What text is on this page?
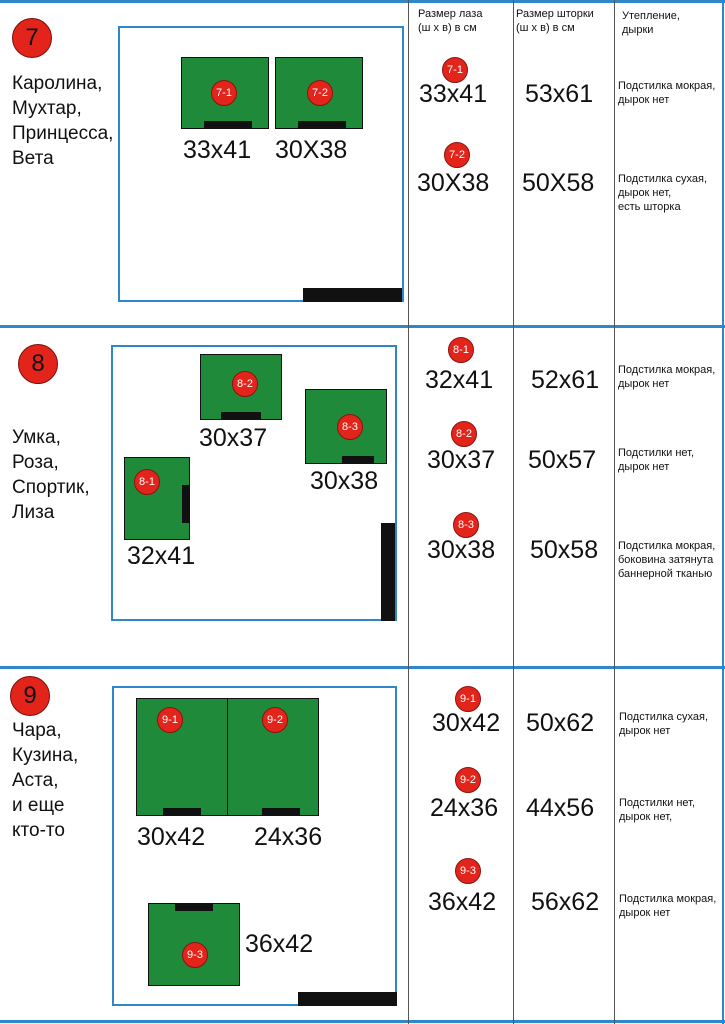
Размер лаза
(ш х в) в см
Размер шторки
(ш х в) в см
Утепление,
дырки
7
Каролина,
Мухтар,
Принцесса,
Вета
7-1	7-2
33x41 30X38
7-1
33x41 53x61 Подстилка мокрая,
дырок нет
7-2
30X38 50X58 Подстилка сухая,
дырок нет,
есть шторка
8
Умка,
Роза,
Спортик,
Лиза
8-2
30x37	8-3
30x38
8-1
32x41
8-1
32x41 52x61 Подстилка мокрая,
дырок нет
8-2
30x37 50x57 Подстилки нет,
дырок нет
8-3
30x38 50x58 Подстилка мокрая,
боковина затянута
баннерной тканью
9
Чара,
Кузина,
Аста,
и еще
кто-то
9-1	9-2
30x42 24x36
9-3 36x42
9-1
30x42 50x62 Подстилка сухая,
дырок нет
9-2
24x36 44x56 Подстилки нет,
дырок нет,
9-3
36x42 56x62 Подстилка мокрая,
дырок нет
